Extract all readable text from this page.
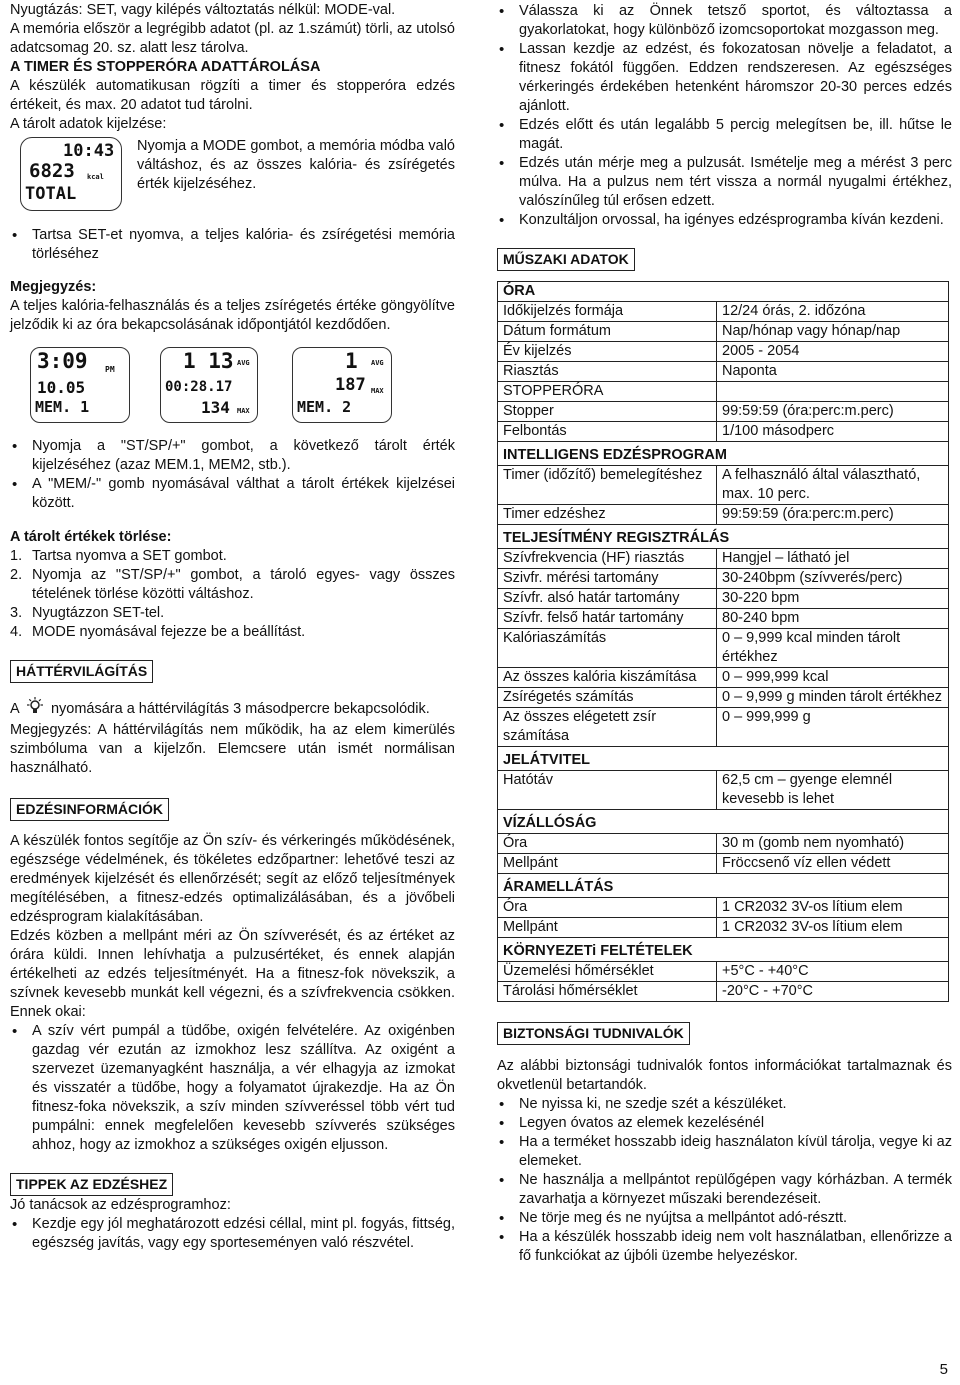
Nyugtázás: SET, vagy kilépés változtatás nélkül: MODE-val.

A memória először a legrégibb adatot (pl. az 1.számút) törli, az utolsó adatcsomag 20. sz. alatt lesz tárolva.

A TIMER ÉS STOPPERÓRA ADATTÁROLÁSA

A készülék automatikusan rögzíti a timer és stopperóra edzés értékeit, és max. 20 adatot tud tárolni.

A tárolt adatok kijelzése:

10:43
6823 kcal
TOTAL

Nyomja a MODE gombot, a memória módba való váltáshoz, és az összes kalória- és zsírégetés érték kijelzéséhez.

• Tartsa SET-et nyomva, a teljes kalória- és zsírégetési memória törléséhez

Megjegyzés:

A teljes kalória-felhasználás és a teljes zsírégetés értéke göngyölítve jelződik ki az óra bekapcsolásának időpontjától kezdődően.

3:09 PM
10.05
MEM. 1
1 13 AVG
00:28.17
134 MAX
1 AVG
187 MAX
MEM. 2
• Nyomja a "ST/SP/+" gombot, a következő tárolt érték kijelzéséhez (azaz MEM.1, MEM2, stb.).
• A "MEM/-" gomb nyomásával válthat a tárolt értékek kijelzései között.

A tárolt értékek törlése:

1. Tartsa nyomva a SET gombot.
2. Nyomja az "ST/SP/+" gombot, a tároló egyes- vagy összes tételének törlése közötti váltáshoz.
3. Nyugtázzon SET-tel.
4. MODE nyomásával fejezze be a beállítást.
HÁTTÉRVILÁGÍTÁS

A nyomására a háttérvilágítás 3 másodpercre bekapcsolódik.

Megjegyzés: A háttérvilágítás nem működik, ha az elem kimerülés szimbóluma van a kijelzőn. Elemcsere után ismét normálisan használható.

EDZÉSINFORMÁCIÓK

A készülék fontos segítője az Ön szív- és vérkeringés működésének, egészsége védelmének, és tökéletes edzőpartner: lehetővé teszi az eredmények kijelzését és ellenőrzését; segít az előző teljesítmények megítélésében, a fitnesz-edzés optimalizálásában, és a jövőbeli edzésprogram kialakításában.

Edzés közben a mellpánt méri az Ön szívverését, és az értéket az órára küldi. Innen lehívhatja a pulzusértéket, és ennek alapján értékelheti az edzés teljesítményét. Ha a fitnesz-fok növekszik, a szívnek kevesebb munkát kell végezni, és a szívfrekvencia csökken. Ennek okai:

• A szív vért pumpál a tüdőbe, oxigén felvételére. Az oxigénben gazdag vér ezután az izmokhoz lesz szállítva. Az oxigént a szervezet üzemanyagként használja, a vér elhagyja az izmokat és visszatér a tüdőbe, hogy a folyamatot újrakezdje. Ha az Ön fitnesz-foka növekszik, a szív minden szívveréssel több vért tud pumpálni: ennek megfelelően kevesebb szívverés szükséges ahhoz, hogy az izmokhoz a szükséges oxigén eljusson.
TIPPEK AZ EDZÉSHEZ

Jó tanácsok az edzésprogramhoz:

• Kezdje egy jól meghatározott edzési céllal, mint pl. fogyás, fittség, egészség javítás, vagy egy sporteseményen való részvétel.
• Válassza ki az Önnek tetsző sportot, és változtassa a gyakorlatokat, hogy különböző izomcsoportokat mozgasson meg.
• Lassan kezdje az edzést, és fokozatosan növelje a feladatot, a fitnesz fokától függően. Eddzen rendszeresen. Az egészséges vérkeringés érdekében hetenként háromszor 20-30 perces edzés ajánlott.
• Edzés előtt és után legalább 5 percig melegítsen be, ill. hűtse le magát.
• Edzés után mérje meg a pulzusát. Ismételje meg a mérést 3 perc múlva. Ha a pulzus nem tért vissza a normál nyugalmi értékhez, valószínűleg túl erősen edzett.
• Konzultáljon orvossal, ha igényes edzésprogramba kíván kezdeni.
MŰSZAKI ADATOK
ÓRA	
Időkijelzés formája	12/24 órás, 2. időzóna
Dátum formátum	Nap/hónap vagy hónap/nap
Év kijelzés	2005 - 2054
Riasztás	Naponta
STOPPERÓRA	
Stopper	99:59:59 (óra:perc:m.perc)
Felbontás	1/100 másodperc
INTELLIGENS EDZÉSPROGRAM	
Timer (időzítő) bemelegítéshez	A felhasználó által választható, max. 10 perc.
Timer edzéshez	99:59:59 (óra:perc:m.perc)
TELJESÍTMÉNY REGISZTRÁLÁS	
Szívfrekvencia (HF) riasztás	Hangjel – látható jel
Szivfr. mérési tartomány	30-240bpm (szívverés/perc)
Szívfr. alsó határ tartomány	30-220 bpm
Szívfr. felső határ tartomány	80-240 bpm
Kalóriaszámítás	0 – 9,999 kcal minden tárolt értékhez
Az összes kalória kiszámítása	0 – 999,999 kcal
Zsírégetés számítás	0 – 9,999 g minden tárolt értékhez
Az összes elégetett zsír számítása	0 – 999,999 g
JELÁTVITEL	
Hatótáv	62,5 cm – gyenge elemnél kevesebb is lehet
VÍZÁLLÓSÁG	
Óra	30 m (gomb nem nyomható)
Mellpánt	Fröccsenő víz ellen védett
ÁRAMELLÁTÁS	
Óra	1 CR2032 3V-os lítium elem
Mellpánt	1 CR2032 3V-os lítium elem
KÖRNYEZETi FELTÉTELEK	
Üzemelési hőmérséklet	+5°C - +40°C
Tárolási hőmérséklet	-20°C - +70°C
BIZTONSÁGI TUDNIVALÓK

Az alábbi biztonsági tudnivalók fontos információkat tartalmaznak és okvetlenül betartandók.

• Ne nyissa ki, ne szedje szét a készüléket.
• Legyen óvatos az elemek kezelésénél
• Ha a terméket hosszabb ideig használaton kívül tárolja, vegye ki az elemeket.
• Ne használja a mellpántot repülőgépen vagy kórházban. A termék zavarhatja a környezet műszaki berendezéseit.
• Ne törje meg és ne nyújtsa a mellpántot adó-résztt.
• Ha a készülék hosszabb ideig nem volt használatban, ellenőrizze a fő funkciókat az újbóli üzembe helyezéskor.
5
